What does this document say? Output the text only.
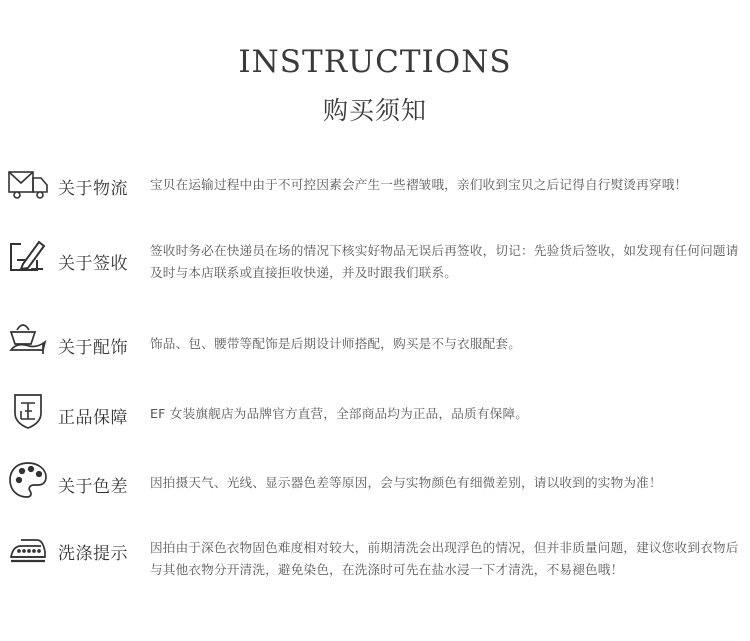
INSTRUCTIONS
购买须知
关于物流 宝贝在运输过程中由于不可控因素会产生一些褶皱哦，亲们收到宝贝之后记得自行熨烫再穿哦！
关于签收
签收时务必在快递员在场的情况下核实好物品无误后再签收，切记：先验货后签收，如发现有任何问题请及时与本店联系或直接拒收快递，并及时跟我们联系。
关于配饰 饰品、包、腰带等配饰是后期设计师搭配，购买是不与衣服配套。
正品保障 EF 女装旗舰店为品牌官方直营，全部商品均为正品，品质有保障。
关于色差 因拍摄天气、光线、显示器色差等原因，会与实物颜色有细微差别，请以收到的实物为准！
洗涤提示 因拍由于深色衣物固色难度相对较大，前期清洗会出现浮色的情况，但并非质量问题，建议您收到衣物后与其他衣物分开清洗，避免染色，在洗涤时可先在盐水浸一下才清洗，不易褪色哦！
